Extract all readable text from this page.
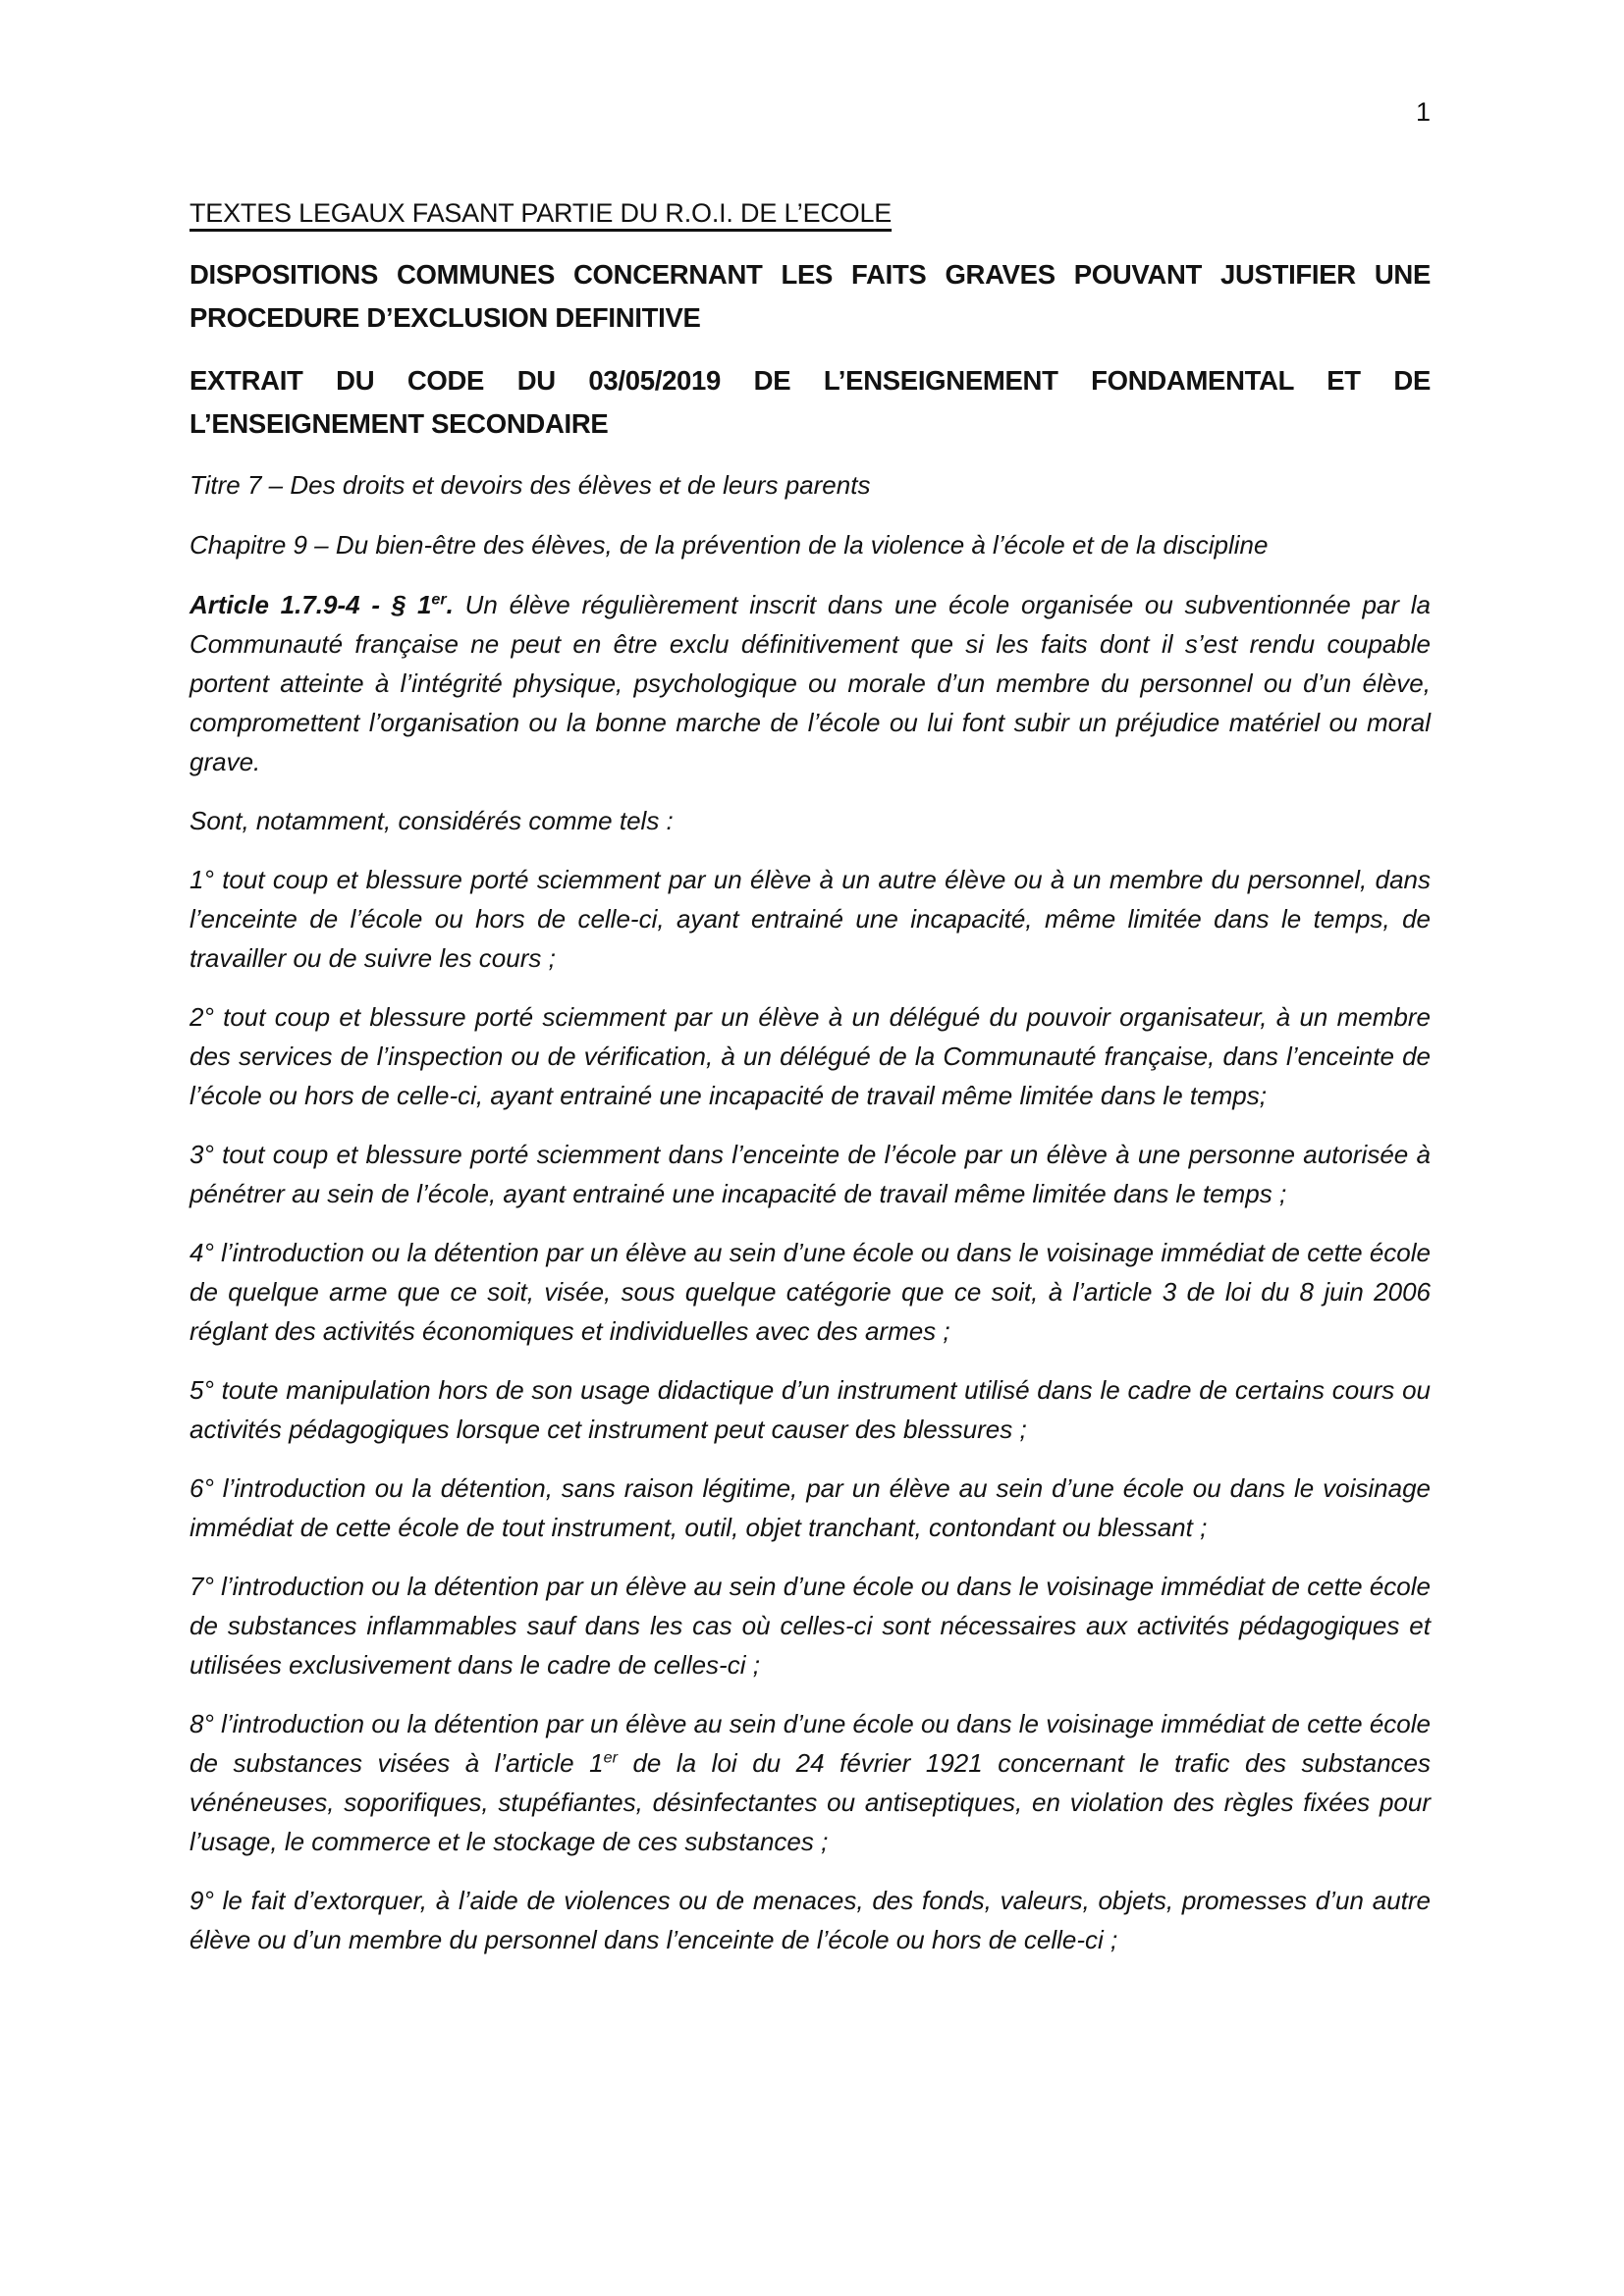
1

TEXTES LEGAUX FASANT PARTIE DU R.O.I. DE L’ECOLE

DISPOSITIONS COMMUNES CONCERNANT LES FAITS GRAVES POUVANT JUSTIFIER UNE PROCEDURE D’EXCLUSION DEFINITIVE

EXTRAIT DU CODE DU 03/05/2019 DE L’ENSEIGNEMENT FONDAMENTAL ET DE L’ENSEIGNEMENT SECONDAIRE

Titre 7 – Des droits et devoirs des élèves et de leurs parents

Chapitre 9 – Du bien-être des élèves, de la prévention de la violence à l’école et de la discipline

Article 1.7.9-4 - § 1er. Un élève régulièrement inscrit dans une école organisée ou subventionnée par la Communauté française ne peut en être exclu définitivement que si les faits dont il s’est rendu coupable portent atteinte à l’intégrité physique, psychologique ou morale d’un membre du personnel ou d’un élève, compromettent l’organisation ou la bonne marche de l’école ou lui font subir un préjudice matériel ou moral grave.

Sont, notamment, considérés comme tels :

1° tout coup et blessure porté sciemment par un élève à un autre élève ou à un membre du personnel, dans l’enceinte de l’école ou hors de celle-ci, ayant entrainé une incapacité, même limitée dans le temps, de travailler ou de suivre les cours ;

2° tout coup et blessure porté sciemment par un élève à un délégué du pouvoir organisateur, à un membre des services de l’inspection ou de vérification, à un délégué de la Communauté française, dans l’enceinte de l’école ou hors de celle-ci, ayant entrainé une incapacité de travail même limitée dans le temps;

3° tout coup et blessure porté sciemment dans l’enceinte de l’école par un élève à une personne autorisée à pénétrer au sein de l’école, ayant entrainé une incapacité de travail même limitée dans le temps ;

4° l’introduction ou la détention par un élève au sein d’une école ou dans le voisinage immédiat de cette école de quelque arme que ce soit, visée, sous quelque catégorie que ce soit, à l’article 3 de loi du 8 juin 2006 réglant des activités économiques et individuelles avec des armes ;

5° toute manipulation hors de son usage didactique d’un instrument utilisé dans le cadre de certains cours ou activités pédagogiques lorsque cet instrument peut causer des blessures ;

6° l’introduction ou la détention, sans raison légitime, par un élève au sein d’une école ou dans le voisinage immédiat de cette école de tout instrument, outil, objet tranchant, contondant ou blessant ;

7° l’introduction ou la détention par un élève au sein d’une école ou dans le voisinage immédiat de cette école de substances inflammables sauf dans les cas où celles-ci sont nécessaires aux activités pédagogiques et utilisées exclusivement dans le cadre de celles-ci ;

8° l’introduction ou la détention par un élève au sein d’une école ou dans le voisinage immédiat de cette école de substances visées à l’article 1er de la loi du 24 février 1921 concernant le trafic des substances vénéneuses, soporifiques, stupéfiantes, désinfectantes ou antiseptiques, en violation des règles fixées pour l’usage, le commerce et le stockage de ces substances ;

9° le fait d’extorquer, à l’aide de violences ou de menaces, des fonds, valeurs, objets, promesses d’un autre élève ou d’un membre du personnel dans l’enceinte de l’école ou hors de celle-ci ;
